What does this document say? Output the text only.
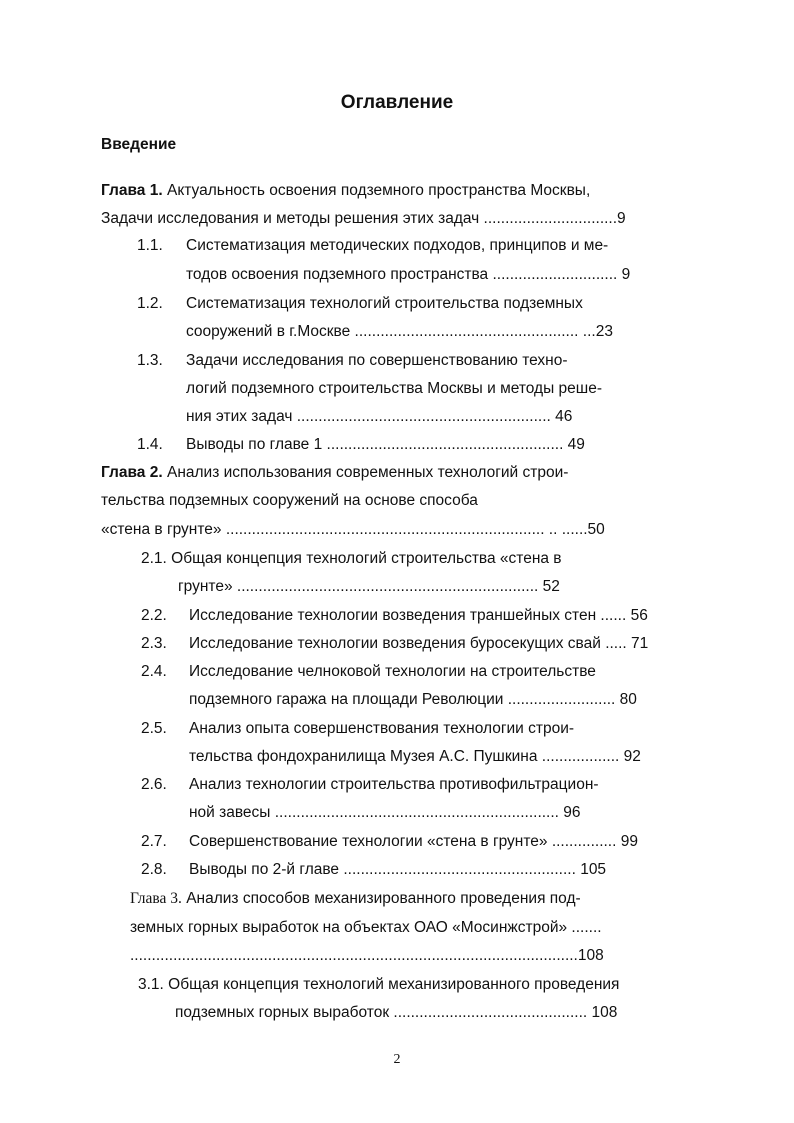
Оглавление
Введение
Глава 1. Актуальность освоения подземного пространства Москвы,
Задачи исследования и методы решения этих задач ...............................9
1.1. Систематизация методических подходов, принципов и ме-
тодов освоения подземного пространства ............................. 9
1.2. Систематизация технологий строительства подземных
сооружений в г.Москве .................................................... ...23
1.3. Задачи исследования по совершенствованию техно-
логий подземного строительства Москвы и методы реше-
ния этих задач ........................................................... 46
1.4. Выводы по главе 1 ....................................................... 49
Глава 2. Анализ использования современных технологий строи-
тельства подземных сооружений на основе способа
«стена в грунте» .......................................................................... .. ......50
2.1. Общая концепция технологий строительства «стена в
грунте» ...................................................................... 52
2.2. Исследование технологии возведения траншейных стен ...... 56
2.3. Исследование технологии возведения буросекущих свай ..... 71
2.4. Исследование челноковой технологии на строительстве
подземного гаража на площади Революции ......................... 80
2.5. Анализ опыта совершенствования технологии строи-
тельства фондохранилища Музея А.С. Пушкина .................. 92
2.6. Анализ технологии строительства противофильтрацион-
ной завесы .................................................................. 96
2.7. Совершенствование технологии «стена в грунте» ............... 99
2.8. Выводы по 2-й главе ...................................................... 105
Глава 3. Анализ способов механизированного проведения под-
земных горных выработок на объектах ОАО «Мосинжстрой» .......
........................................................................................................108
3.1. Общая концепция технологий механизированного проведения
подземных горных выработок ............................................. 108
2
